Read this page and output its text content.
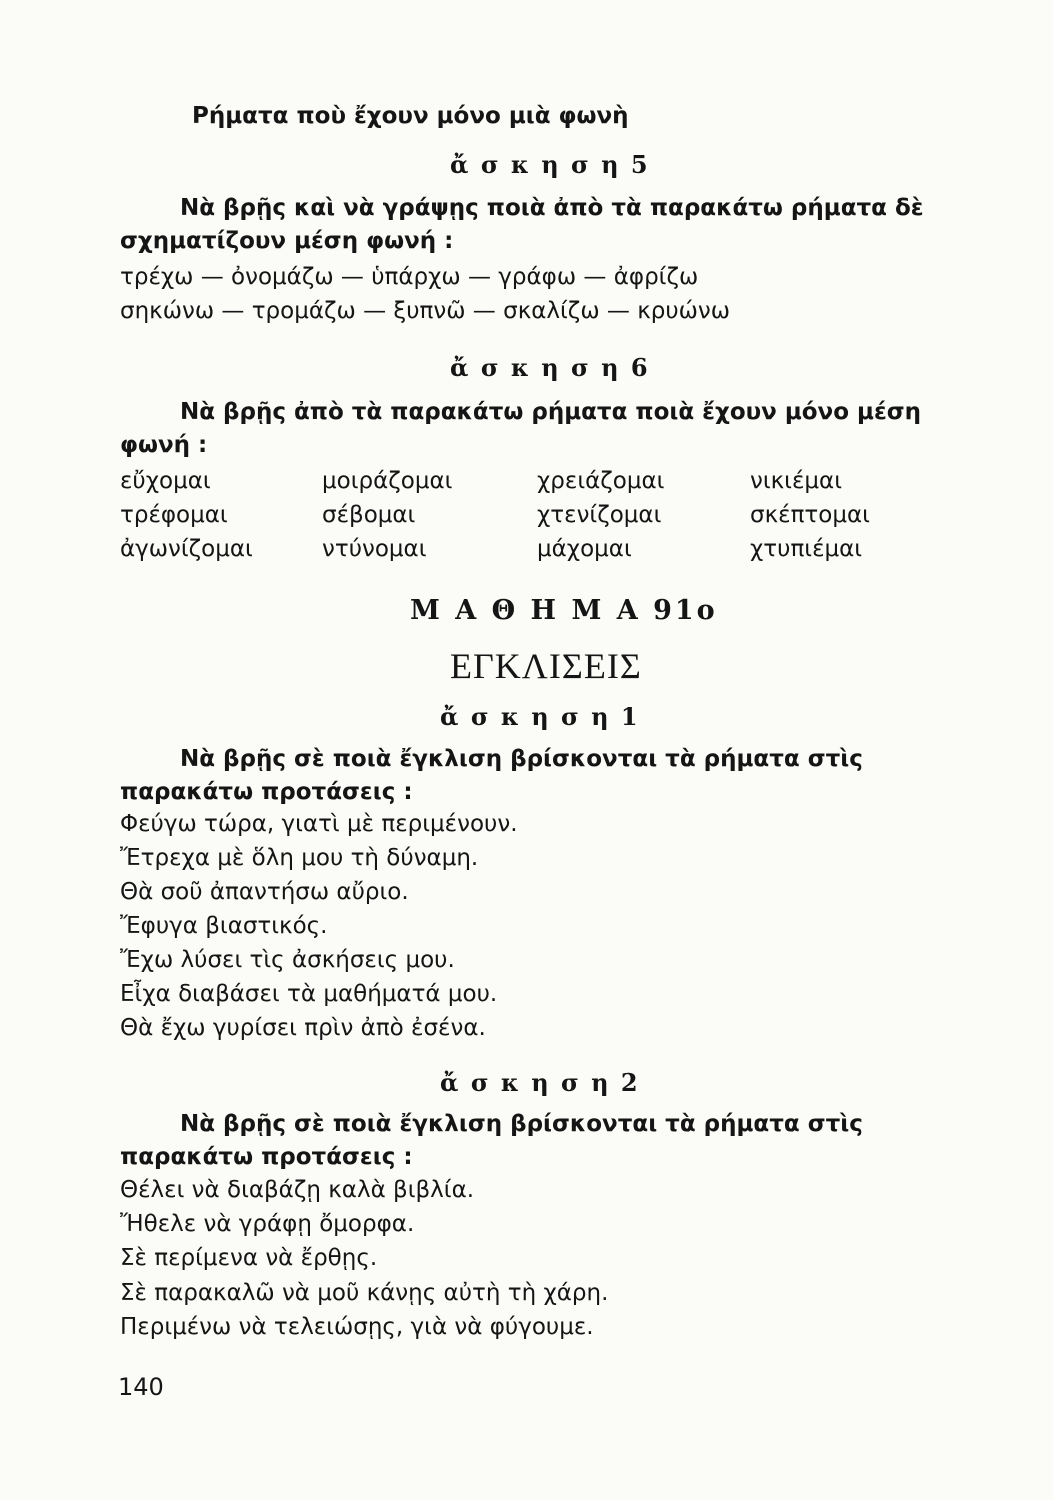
Ρήματα ποὺ ἔχουν μόνο μιὰ φωνὴ
ἄ σ κ η σ η 5
Νὰ βρῇς καὶ νὰ γράψῃς ποιὰ ἀπὸ τὰ παρακάτω ρήματα δὲ σχηματίζουν μέση φωνή :
τρέχω — ὀνομάζω — ὑπάρχω — γράφω — ἀφρίζω
σηκώνω — τρομάζω — ξυπνῶ — σκαλίζω — κρυώνω
ἄ σ κ η σ η 6
Νὰ βρῇς ἀπὸ τὰ παρακάτω ρήματα ποιὰ ἔχουν μόνο μέση φωνή :
εὔχομαι
τρέφομαι
ἀγωνίζομαι
μοιράζομαι
σέβομαι
ντύνομαι
χρειάζομαι
χτενίζομαι
μάχομαι
νικιέμαι
σκέπτομαι
χτυπιέμαι
Μ Α Θ Η Μ Α 91ο
ΕΓΚΛΙΣΕΙΣ
ἄ σ κ η σ η 1
Νὰ βρῇς σὲ ποιὰ ἔγκλιση βρίσκονται τὰ ρήματα στὶς παρακάτω προτάσεις :
Φεύγω τώρα, γιατὶ μὲ περιμένουν.
Ἔτρεχα μὲ ὅλη μου τὴ δύναμη.
Θὰ σοῦ ἀπαντήσω αὔριο.
Ἔφυγα βιαστικός.
Ἔχω λύσει τὶς ἀσκήσεις μου.
Εἶχα διαβάσει τὰ μαθήματά μου.
Θὰ ἔχω γυρίσει πρὶν ἀπὸ ἐσένα.
ἄ σ κ η σ η 2
Νὰ βρῇς σὲ ποιὰ ἔγκλιση βρίσκονται τὰ ρήματα στὶς παρακάτω προτάσεις :
Θέλει νὰ διαβάζῃ καλὰ βιβλία.
Ἤθελε νὰ γράφῃ ὄμορφα.
Σὲ περίμενα νὰ ἔρθῃς.
Σὲ παρακαλῶ νὰ μοῦ κάνῃς αὐτὴ τὴ χάρη.
Περιμένω νὰ τελειώσῃς, γιὰ νὰ φύγουμε.
140
